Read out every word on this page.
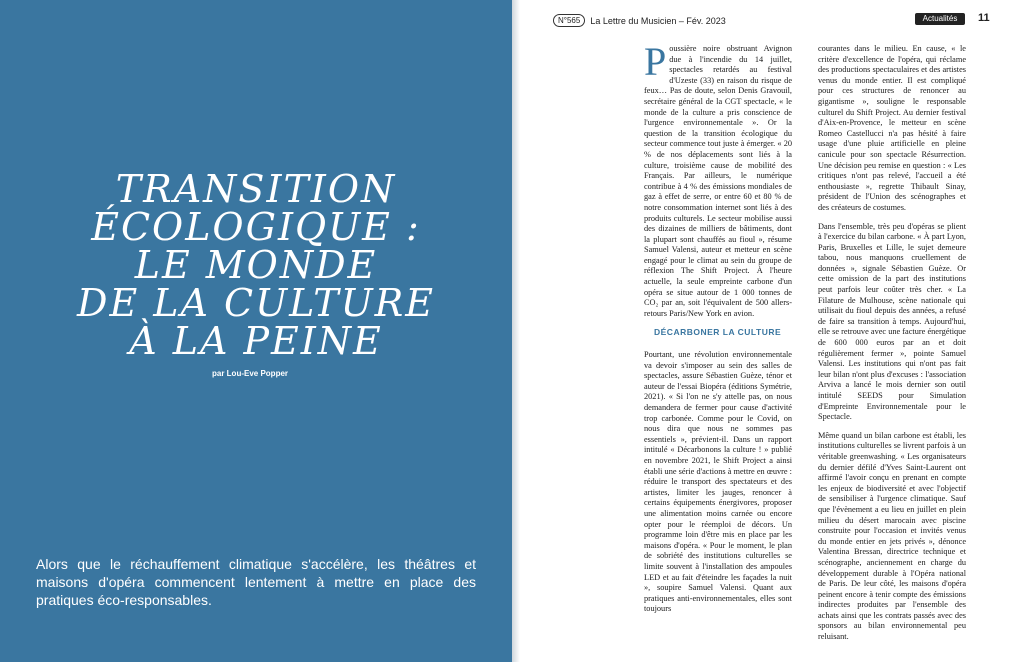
TRANSITION
ÉCOLOGIQUE :
LE MONDE
DE LA CULTURE
À LA PEINE
par Lou-Eve Popper
Alors que le réchauffement climatique s'accélère, les théâtres et maisons d'opéra commencent lentement à mettre en place des pratiques éco-responsables.
N°565	La Lettre du Musicien – Fév. 2023	Actualités	11

Poussière noire obstruant Avignon due à l'incendie du 14 juillet, spectacles retardés au festival d'Uzeste (33) en raison du risque de feux… Pas de doute, selon Denis Gravouil, secrétaire général de la CGT spectacle, « le monde de la culture a pris conscience de l'urgence environnementale ». Or la question de la transition écologique du secteur commence tout juste à émerger. « 20 % de nos déplacements sont liés à la culture, troisième cause de mobilité des Français. Par ailleurs, le numérique contribue à 4 % des émissions mondiales de gaz à effet de serre, or entre 60 et 80 % de notre consommation internet sont liés à des produits culturels. Le secteur mobilise aussi des dizaines de milliers de bâtiments, dont la plupart sont chauffés au fioul », résume Samuel Valensi, auteur et metteur en scène engagé pour le climat au sein du groupe de réflexion The Shift Project. À l'heure actuelle, la seule empreinte carbone d'un opéra se situe autour de 1 000 tonnes de CO₂ par an, soit l'équivalent de 500 allers-retours Paris/New York en avion.

DÉCARBONER LA CULTURE

Pourtant, une révolution environnementale va devoir s'imposer au sein des salles de spectacles, assure Sébastien Guèze, ténor et auteur de l'essai Biopéra (éditions Symétrie, 2021). « Si l'on ne s'y attelle pas, on nous demandera de fermer pour cause d'activité trop carbonée. Comme pour le Covid, on nous dira que nous ne sommes pas essentiels », prévient-il. Dans un rapport intitulé « Décarbonons la culture ! » publié en novembre 2021, le Shift Project a ainsi établi une série d'actions à mettre en œuvre : réduire le transport des spectateurs et des artistes, limiter les jauges, renoncer à certains équipements énergivores, proposer une alimentation moins carnée ou encore opter pour le réemploi de décors. Un programme loin d'être mis en place par les maisons d'opéra. « Pour le moment, le plan de sobriété des institutions culturelles se limite souvent à l'installation des ampoules LED et au fait d'éteindre les façades la nuit », soupire Samuel Valensi. Quant aux pratiques anti-environnementales, elles sont toujours

courantes dans le milieu. En cause, « le critère d'excellence de l'opéra, qui réclame des productions spectaculaires et des artistes venus du monde entier. Il est compliqué pour ces structures de renoncer au gigantisme », souligne le responsable culturel du Shift Project. Au dernier festival d'Aix-en-Provence, le metteur en scène Romeo Castellucci n'a pas hésité à faire usage d'une pluie artificielle en pleine canicule pour son spectacle Résurrection. Une décision peu remise en question : « Les critiques n'ont pas relevé, l'accueil a été enthousiaste », regrette Thibault Sinay, président de l'Union des scénographes et des créateurs de costumes.

Dans l'ensemble, très peu d'opéras se plient à l'exercice du bilan carbone. « À part Lyon, Paris, Bruxelles et Lille, le sujet demeure tabou, nous manquons cruellement de données », signale Sébastien Guèze. Or cette omission de la part des institutions peut parfois leur coûter très cher. « La Filature de Mulhouse, scène nationale qui utilisait du fioul depuis des années, a refusé de faire sa transition à temps. Aujourd'hui, elle se retrouve avec une facture énergétique de 600 000 euros par an et doit régulièrement fermer », pointe Samuel Valensi. Les institutions qui n'ont pas fait leur bilan n'ont plus d'excuses : l'association Arviva a lancé le mois dernier son outil intitulé SEEDS pour Simulation d'Empreinte Environnementale pour le Spectacle.

Même quand un bilan carbone est établi, les institutions culturelles se livrent parfois à un véritable greenwashing. « Les organisateurs du dernier défilé d'Yves Saint-Laurent ont affirmé l'avoir conçu en prenant en compte les enjeux de biodiversité et avec l'objectif de sensibiliser à l'urgence climatique. Sauf que l'évènement a eu lieu en juillet en plein milieu du désert marocain avec piscine construite pour l'occasion et invités venus du monde entier en jets privés », dénonce Valentina Bressan, directrice technique et scénographe, anciennement en charge du développement durable à l'Opéra national de Paris. De leur côté, les maisons d'opéra peinent encore à tenir compte des émissions indirectes produites par l'ensemble des achats ainsi que les contrats passés avec des sponsors au bilan environnemental peu reluisant.
